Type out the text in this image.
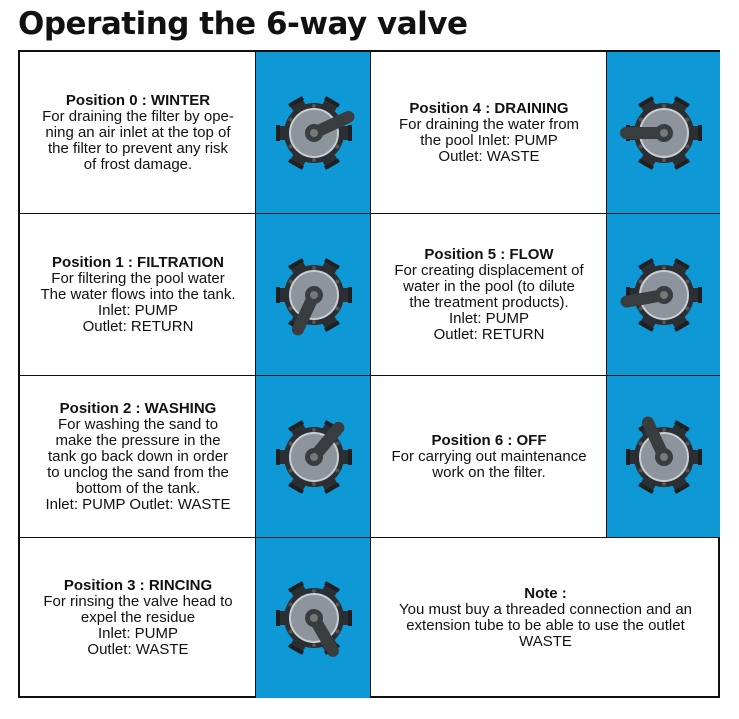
Operating the 6-way valve
Position 0 : WINTER
For draining the filter by ope-
ning an air inlet at the top of
the filter to prevent any risk
of frost damage.
Position 1 : FILTRATION
For filtering the pool water
The water flows into the tank.
Inlet: PUMP
Outlet: RETURN
Position 2 : WASHING
For washing the sand to
make the pressure in the
tank go back down in order
to unclog the sand from the
bottom of the tank.
Inlet: PUMP Outlet: WASTE
Position 3 : RINCING
For rinsing the valve head to
expel the residue
Inlet: PUMP
Outlet: WASTE
Position 4 : DRAINING
For draining the water from
the pool Inlet: PUMP
Outlet: WASTE
Position 5 : FLOW
For creating displacement of
water in the pool (to dilute
the treatment products).
Inlet: PUMP
Outlet: RETURN
Position 6 : OFF
For carrying out maintenance
work on the filter.
Note :
You must buy a threaded connection and an
extension tube to be able to use the outlet
WASTE
